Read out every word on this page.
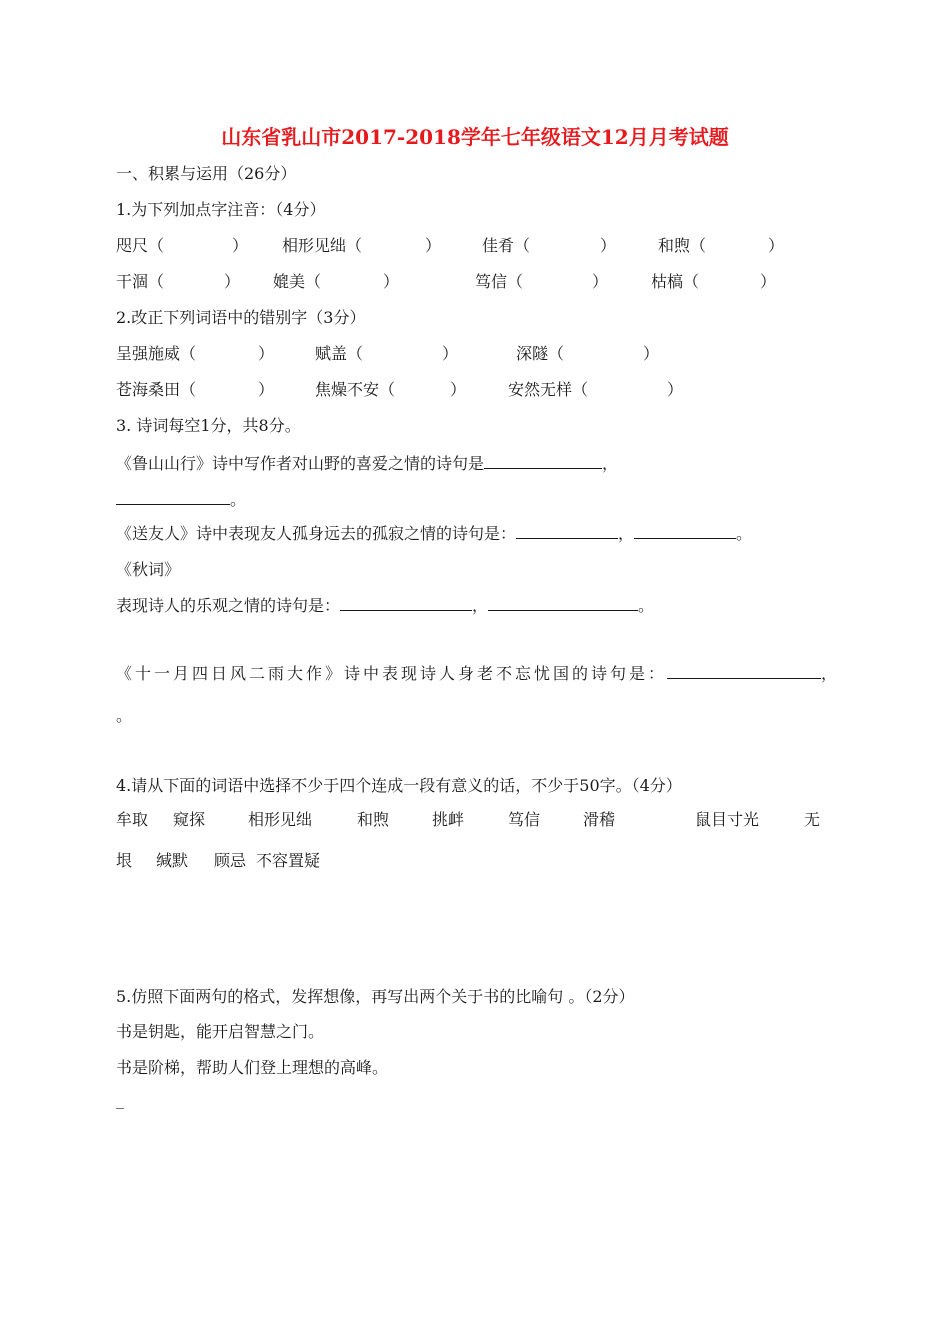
山东省乳山市2017-2018学年七年级语文12月月考试题
一、积累与运用（26分）
1.为下列加点字注音：（4分）
咫尺（	） 相形见绌（	）	佳肴（	）	和煦（	）
干涸（	） 媲美（	）	笃信（	）	枯槁（	）
2.改正下列词语中的错别字（3分）
呈强施威（	）	赋盖（	）	深隧（	）
苍海桑田（	）	焦燥不安（	）	安然无样（	）
3. 诗词每空1分，共8分。
《鲁山山行》诗中写作者对山野的喜爱之情的诗句是	，
。
《送友人》诗中表现友人孤身远去的孤寂之情的诗句是：	，	。
《秋词》
表现诗人的乐观之情的诗句是：	，	。
《十一月四日风二雨大作》诗中表现诗人身老不忘忧国的诗句是：	，
。
4.请从下面的词语中选择不少于四个连成一段有意义的话，不少于50字。（4分）
牟取 窥探	相形见绌	和煦	挑衅	笃信	滑稽	鼠目寸光	无
垠 缄默 顾忌 不容置疑
5.仿照下面两句的格式，发挥想像，再写出两个关于书的比喻句 。（2分）
书是钥匙，能开启智慧之门。
书是阶梯，帮助人们登上理想的高峰。
_
